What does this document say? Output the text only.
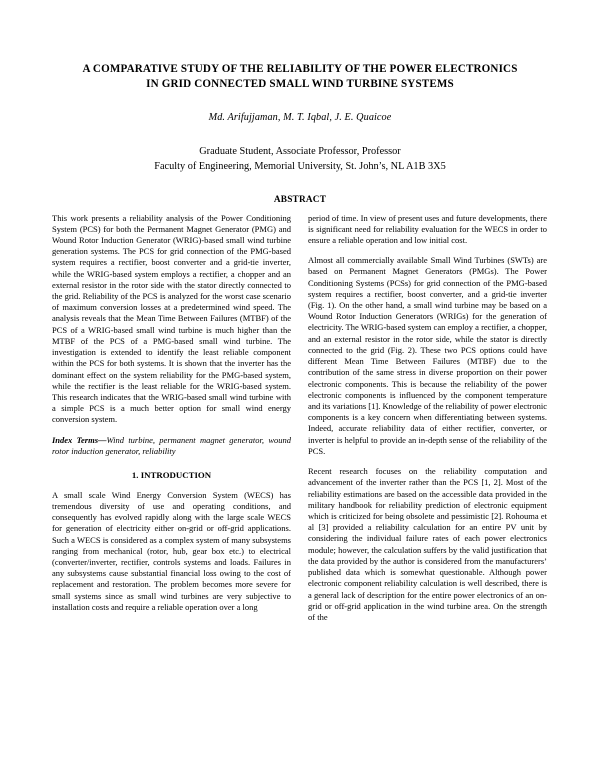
A COMPARATIVE STUDY OF THE RELIABILITY OF THE POWER ELECTRONICS
IN GRID CONNECTED SMALL WIND TURBINE SYSTEMS
Md. Arifujjaman, M. T. Iqbal, J. E. Quaicoe
Graduate Student, Associate Professor, Professor
Faculty of Engineering, Memorial University, St. John’s, NL A1B 3X5
ABSTRACT

This work presents a reliability analysis of the Power Conditioning System (PCS) for both the Permanent Magnet Generator (PMG) and Wound Rotor Induction Generator (WRIG)-based small wind turbine generation systems. The PCS for grid connection of the PMG-based system requires a rectifier, boost converter and a grid-tie inverter, while the WRIG-based system employs a rectifier, a chopper and an external resistor in the rotor side with the stator directly connected to the grid. Reliability of the PCS is analyzed for the worst case scenario of maximum conversion losses at a predetermined wind speed. The analysis reveals that the Mean Time Between Failures (MTBF) of the PCS of a WRIG-based small wind turbine is much higher than the MTBF of the PCS of a PMG-based small wind turbine. The investigation is extended to identify the least reliable component within the PCS for both systems. It is shown that the inverter has the dominant effect on the system reliability for the PMG-based system, while the rectifier is the least reliable for the WRIG-based system. This research indicates that the WRIG-based small wind turbine with a simple PCS is a much better option for small wind energy conversion system.

Index Terms—Wind turbine, permanent magnet generator, wound rotor induction generator, reliability

1. INTRODUCTION

A small scale Wind Energy Conversion System (WECS) has tremendous diversity of use and operating conditions, and consequently has evolved rapidly along with the large scale WECS for generation of electricity either on-grid or off-grid applications. Such a WECS is considered as a complex system of many subsystems ranging from mechanical (rotor, hub, gear box etc.) to electrical (converter/inverter, rectifier, controls systems and loads. Failures in any subsystems cause substantial financial loss owing to the cost of replacement and restoration. The problem becomes more severe for small systems since as small wind turbines are very subjective to installation costs and require a reliable operation over a long

period of time. In view of present uses and future developments, there is significant need for reliability evaluation for the WECS in order to ensure a reliable operation and low initial cost.

Almost all commercially available Small Wind Turbines (SWTs) are based on Permanent Magnet Generators (PMGs). The Power Conditioning Systems (PCSs) for grid connection of the PMG-based system requires a rectifier, boost converter, and a grid-tie inverter (Fig. 1). On the other hand, a small wind turbine may be based on a Wound Rotor Induction Generators (WRIGs) for the generation of electricity. The WRIG-based system can employ a rectifier, a chopper, and an external resistor in the rotor side, while the stator is directly connected to the grid (Fig. 2). These two PCS options could have different Mean Time Between Failures (MTBF) due to the contribution of the same stress in diverse proportion on their power electronic components. This is because the reliability of the power electronic components is influenced by the component temperature and its variations [1]. Knowledge of the reliability of power electronic components is a key concern when differentiating between systems. Indeed, accurate reliability data of either rectifier, converter, or inverter is helpful to provide an in-depth sense of the reliability of the PCS.

Recent research focuses on the reliability computation and advancement of the inverter rather than the PCS [1, 2]. Most of the reliability estimations are based on the accessible data provided in the military handbook for reliability prediction of electronic equipment which is criticized for being obsolete and pessimistic [2]. Rohouma et al [3] provided a reliability calculation for an entire PV unit by considering the individual failure rates of each power electronics module; however, the calculation suffers by the valid justification that the data provided by the author is considered from the manufacturers’ published data which is somewhat questionable. Although power electronic component reliability calculation is well described, there is a general lack of description for the entire power electronics of an on-grid or off-grid application in the wind turbine area. On the strength of the
